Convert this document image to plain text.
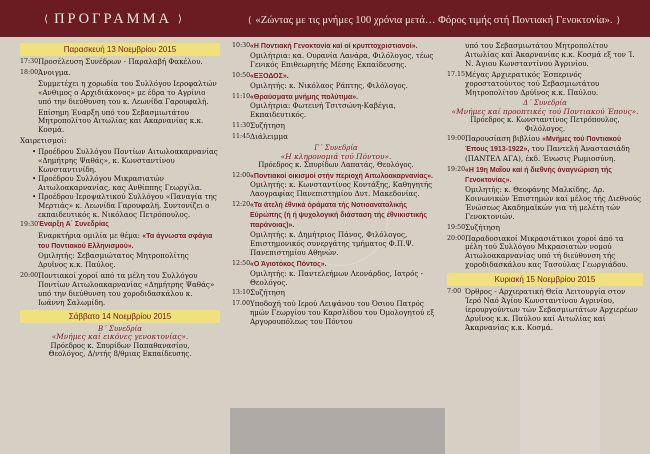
⟨ ΠΡΟΓΡΑΜΜΑ ⟩	⟨ «Ζώντας με τις μνήμες 100 χρόνια μετά… Φόρος τιμής στή Ποντιακή Γενοκτονία». ⟩
Παρασκευή 13 Νοεμβρίου 2015
17:30 Προσέλευση Συνέδρων - Παραλαβή Φακέλου.
18:00 Άνοιγμα.
Συμμετέχει η χορωδία του Συλλόγου Ιεροφαλτών «Ανθιμος ο Αρχιδιάκονος» με έδρα το Αγρίνιο υπό την διεύθυνση του κ. Λεωνίδα Γαρουφαλή.
Επίσημη Έναρξη υπό του Σεβασμιωτάτου Μητροπολίτου Αιτωλίας και Ακαρνανίας κ.κ. Κοσμά.
Χαιρετισμοί:
• Προέδρου Συλλόγου Ποντίων Αιτωλοακαρνανίας «Δημήτρης Ψαθάς», κ. Κωνσταντίνου Κωνσταντινίδη.
• Προέδρου Συλλόγου Μικρασιατών Αιτωλοακαρνανίας, κας Ανθίππης Γεωργίλα.
• Προέδρου Ιεροψαλτικού Συλλόγου «Παναγία της Μερτιάς» κ. Λεωνίδα Γαρουφαλή. Συντονίζει ο εκπαιδευτικός κ. Νικόλαος Πετρόπουλος.
19:30 Έναρξη Α΄ Συνεδρίας
Εναρκτήρια ομιλία με θέμα: «Τα άγνωστα σφάγια του Ποντιακού Ελληνισμού».
Ομιλητής: Σεβασμιώτατος Μητροπολίτης Δρυϊνος κ.κ. Παύλος.
20:00 Ποντιακοί χοροί από τα μέλη του Συλλόγου Ποντίων Αιτωλοακαρνανίας «Δημήτρης Ψαθάς» υπό την διεύθυνση του χοροδιδασκάλου κ. Ιωάννη Σαλωμίδη.
Σάββατο 14 Νοεμβρίου 2015
Β΄ Συνεδρία
«Μνήμες καί εικόνες γενοκτονίας».
Πρόεδρος κ. Σπυρίδων Παπαθανασίου,
Θεολόγος, Δ/ντής 8/θμιας Εκπαίδευσης.
10:30 «Η Ποντιακή Γενοκτονία καί οί κρυπτοχριστιανοί».
Ομιλήτρια: κα. Ουρανία Λανάρα, Φιλόλογος, τέως Γενικός Επιθεωρητής Μέσης Εκπαίδευσης.
10:50 «ΕΞΟΔΟΣ».
Ομιλητής: κ. Νικόλαος Ράπτης, Φιλόλογος.
11:10 «Θραύσματα μνήμης πολύτιμα».
Ομιλήτρια: Φωτεινή Τσιτσώνη-Καβέγια, Εκπαιδευτικός.
11:30 Συζήτηση
11:45 Διάλειμμα
Γ΄ Συνεδρία
«Η κληρονομιά τού Πόντου».
Πρόεδρος κ. Σπυρίδων Λαπατάς, Θεολόγος.
12:00 «Ποντιακοί οικισμοί στήν περιοχή Αιτωλοακαρνανίας».
Ομιλητής: κ. Κωνσταντίνος Κοντάξης, Καθηγητής Λαογραφίας Πανεπιστημίου Δυτ. Μακεδονίας.
12:20 «Τα άτελή έθνικά όράματα τής Νοτιοανατολικής Εύρώπης (ή ή ψυχολογική διάσταση τής έθνικιστικής παράνοιας)».
Ομιλητής: κ. Δημήτριος Πάνος, Φιλόλογος, Επιστημονικός συνεργάτης τμήματος Φ.Π.Ψ. Πανεπιστημίου Αθηνών.
12:50 «Ο Άγιοτόκος Πόντος».
Ομιλητής: κ. Παντελεήμων Λεονάρδος, Ιατρός - Θεολόγος.
13:10 Συζήτηση
17.00 Υποδοχή τού Ιερού Λειψάνου του Όσιου Πατρός ημών Γεωργίου του Καρσλίδου του Όμολογητού εξ Αργυρουπόλεως του Πόντου
υπό του Σεβασμιωτάτου Μητροπολίτου Αιτωλίας καί Άκαρνανίας κ.κ. Κοσμά εξ τον Ί. Ν. Άγιου Κωνσταντίνου Άγρινίου.
17.15 Μέγας Αρχιερατικός Έσπερινός χοροστατούντος τού Σεβασμιωτάτου Μητροπολίτου Δρύϊνος κ.κ. Παύλου.
Δ΄ Συνεδρία
«Μνήμες καί προοπτικές τού Ποντιακού Έπους».
Πρόεδρος κ. Κωνσταντίνος Πετρόπουλος,
Φιλόλογος.
19:00 Παρουσίαση βιβλίου «Μνήμες τού Ποντιακού Έπους 1913-1922», του Παντελή Άναστασιάδη (ΠΑΝΤΕΛ ΑΓΑ), έκδ. Ένωσις Ρωμιοσύνη.
19:20 «Η 19η Μαΐου καί ή διεθνής άναγνώριση τής Γενοκτονίας».
Όμιλητής: κ. Θεοφάνης Μαλκίδης, Δρ. Κοινωνικών Έπιστημών καί μέλος τής Διεθνούς Ένώσεως Ακαδημαϊκών για τή μελέτη τών Γενοκτονιών.
19:50 Συζήτηση
20:00 Παραδοσιακοί Μικρασιάτικοι χοροί άπό τα μέλη τού Συλλόγου Μικρασιατών νομού Αιτωλοακαρνανίας υπό τή διεύθυνση τής χοροδιδασκάλου κας Τασούλας Γεωργιάδου.
Κυριακή 15 Νοεμβρίου 2015
7:00 Όρθρος - Αρχιερατική Θεία Λειτουργία στον Ίερό Ναό Άγίου Κωνσταντίνου Αγρινίου, ίερουργούντων τών Σεβασμιωτάτων Αρχιερέων Δρυϊνος κ.κ. Παύλου καί Αιτωλίας καί Άκαρνανίας κ.κ. Κοσμά.
